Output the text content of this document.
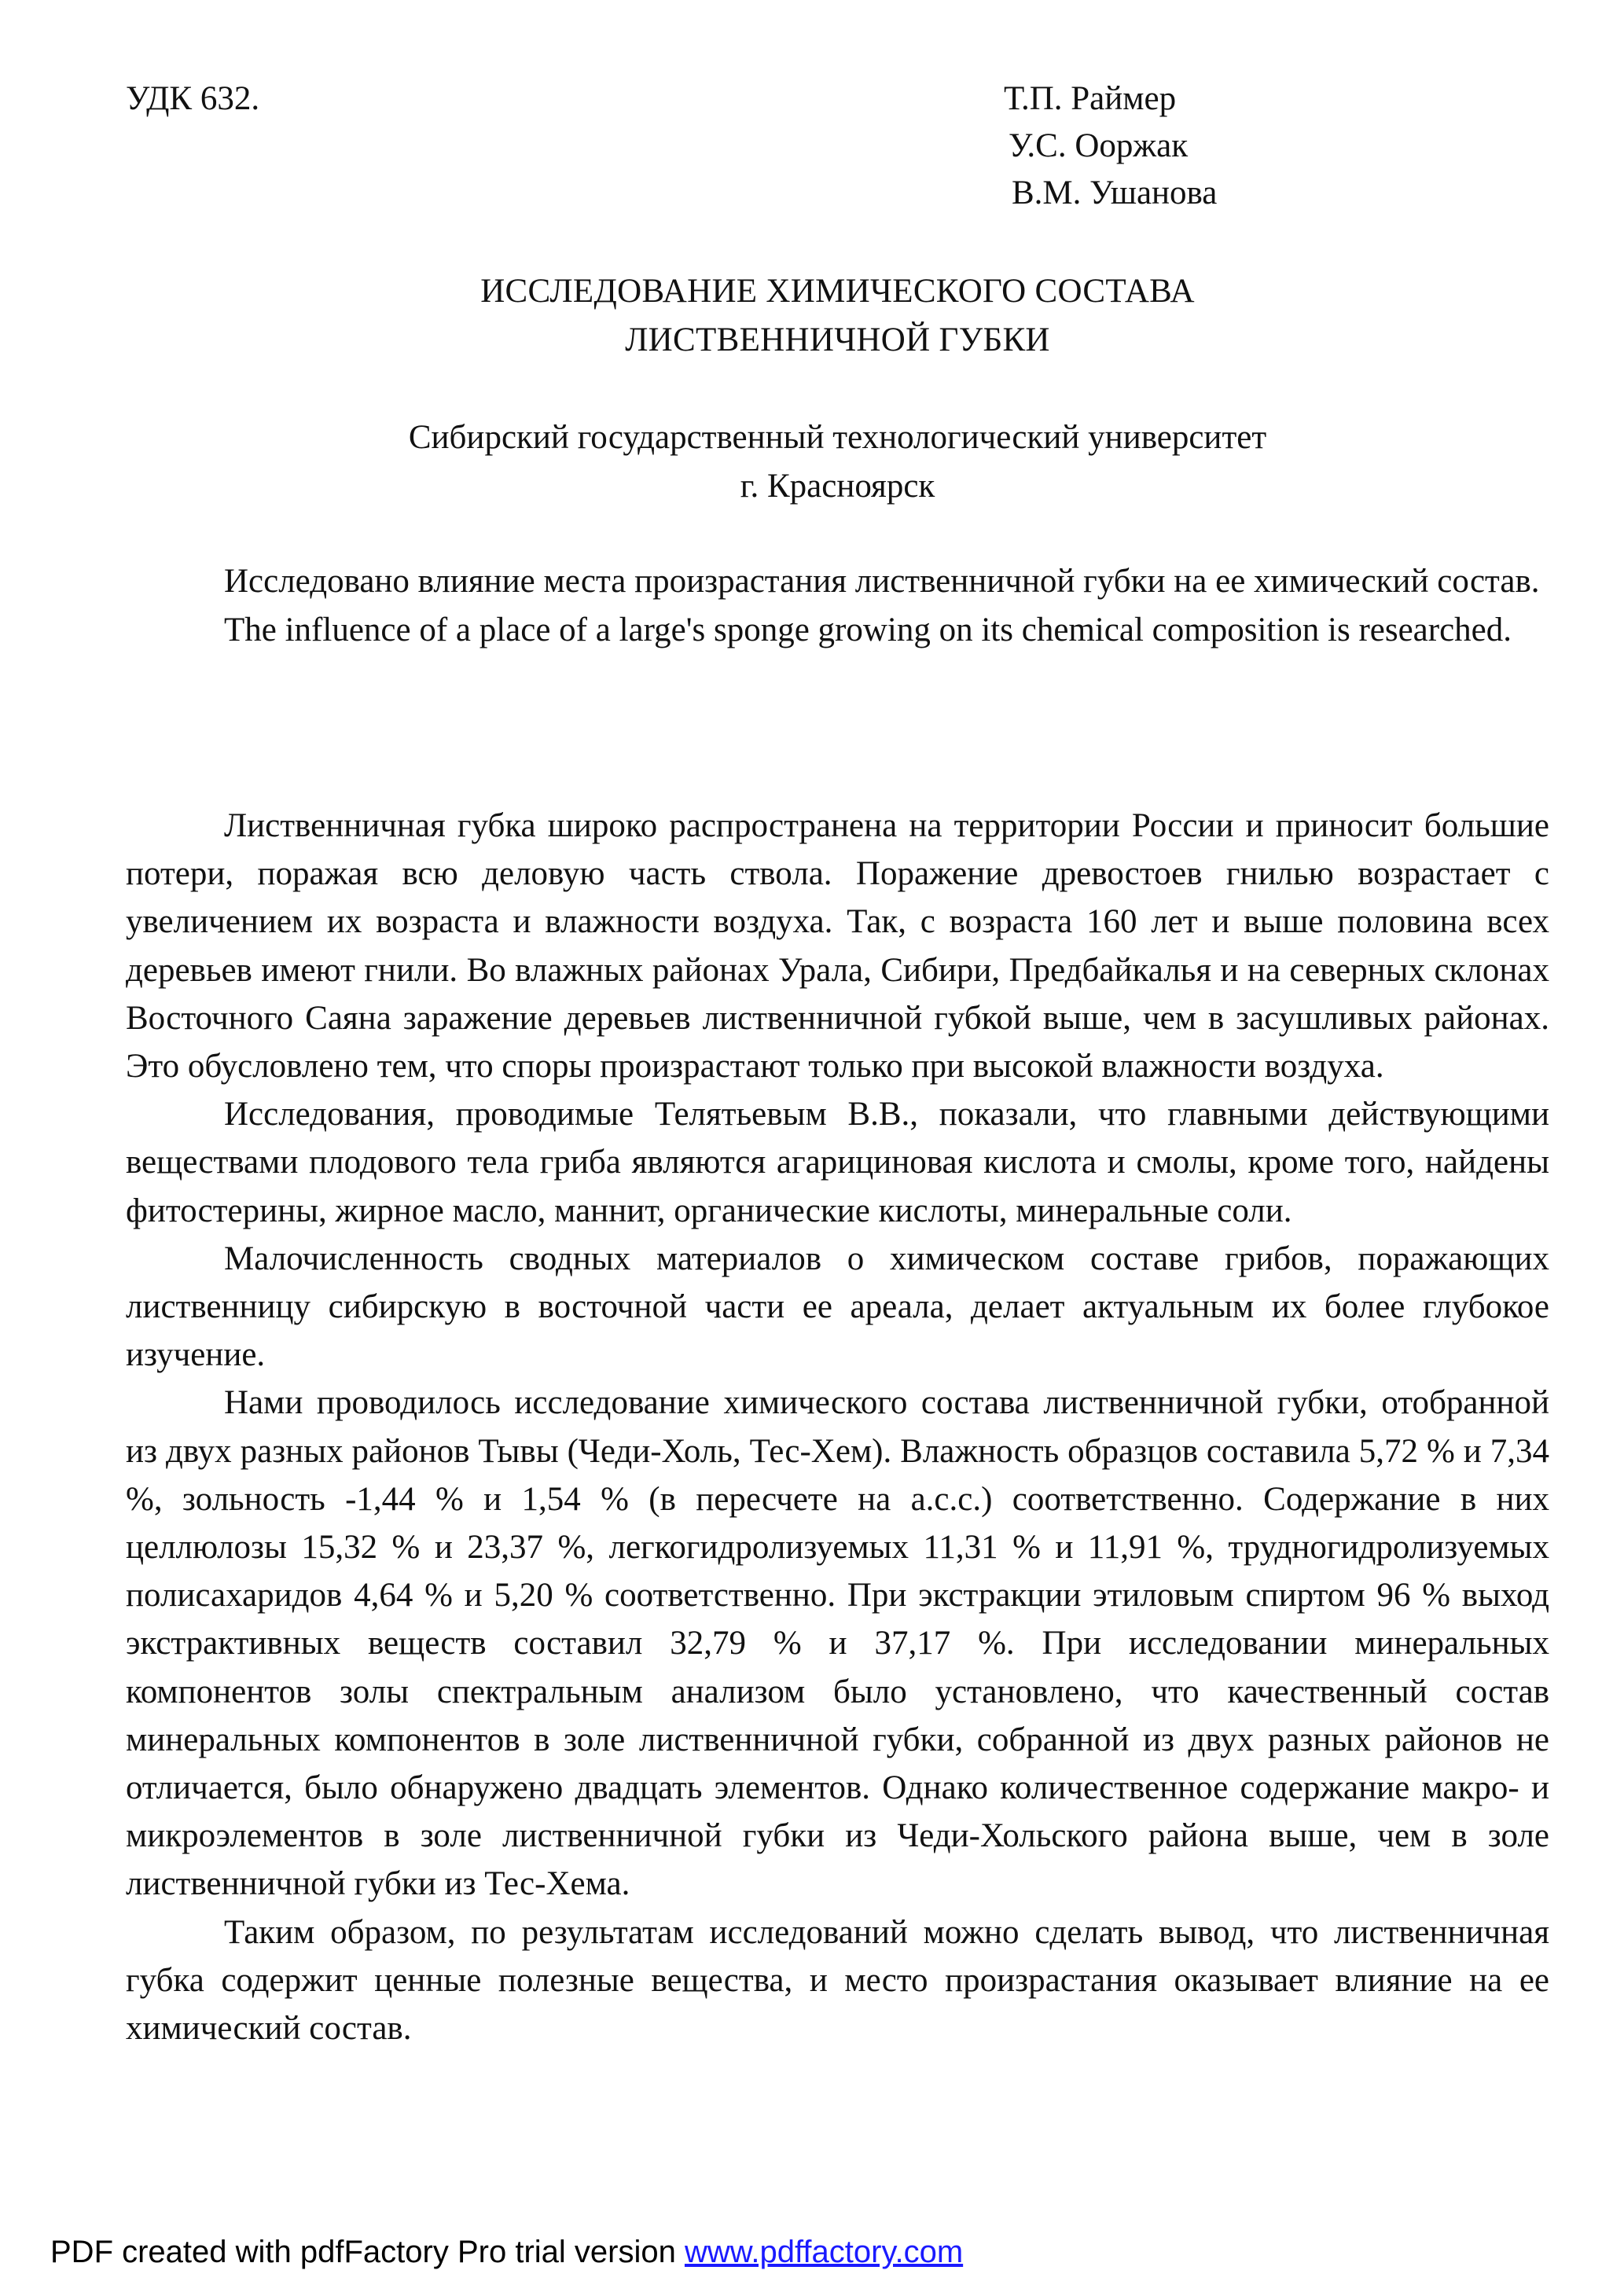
УДК 632.	Т.П. Раймер
У.С. Ооржак
В.М. Ушанова
ИССЛЕДОВАНИЕ ХИМИЧЕСКОГО СОСТАВА
ЛИСТВЕННИЧНОЙ ГУБКИ
Сибирский государственный технологический университет
г. Красноярск

Исследовано влияние места произрастания лиственничной губки на ее химический состав.

The influence of a place of a large's sponge growing on its chemical composition is researched.

Лиственничная губка широко распространена на территории России и приносит большие потери, поражая всю деловую часть ствола. Поражение древостоев гнилью возрастает с увеличением их возраста и влажности воздуха. Так, с возраста 160 лет и выше половина всех деревьев имеют гнили. Во влажных районах Урала, Сибири, Предбайкалья и на северных склонах Восточного Саяна заражение деревьев лиственничной губкой выше, чем в засушливых районах. Это обусловлено тем, что споры произрастают только при высокой влажности воздуха.

Исследования, проводимые Телятьевым В.В., показали, что главными действующими веществами плодового тела гриба являются агарициновая кислота и смолы, кроме того, найдены фитостерины, жирное масло, маннит, органические кислоты, минеральные соли.

Малочисленность сводных материалов о химическом составе грибов, поражающих лиственницу сибирскую в восточной части ее ареала, делает актуальным их более глубокое изучение.

Нами проводилось исследование химического состава лиственничной губки, отобранной из двух разных районов Тывы (Чеди-Холь, Тес-Хем). Влажность образцов составила 5,72 % и 7,34 %, зольность -1,44 % и 1,54 % (в пересчете на а.с.с.) соответственно. Содержание в них целлюлозы 15,32 % и 23,37 %, легкогидролизуемых 11,31 % и 11,91 %, трудногидролизуемых полисахаридов 4,64 % и 5,20 % соответственно. При экстракции этиловым спиртом 96 % выход экстрактивных веществ составил 32,79 % и 37,17 %. При исследовании минеральных компонентов золы спектральным анализом было установлено, что качественный состав минеральных компонентов в золе лиственничной губки, собранной из двух разных районов не отличается, было обнаружено двадцать элементов. Однако количественное содержание макро- и микроэлементов в золе лиственничной губки из Чеди-Хольского района выше, чем в золе лиственничной губки из Тес-Хема.

Таким образом, по результатам исследований можно сделать вывод, что лиственничная губка содержит ценные полезные вещества, и место произрастания оказывает влияние на ее химический состав.

PDF created with pdfFactory Pro trial version www.pdffactory.com
